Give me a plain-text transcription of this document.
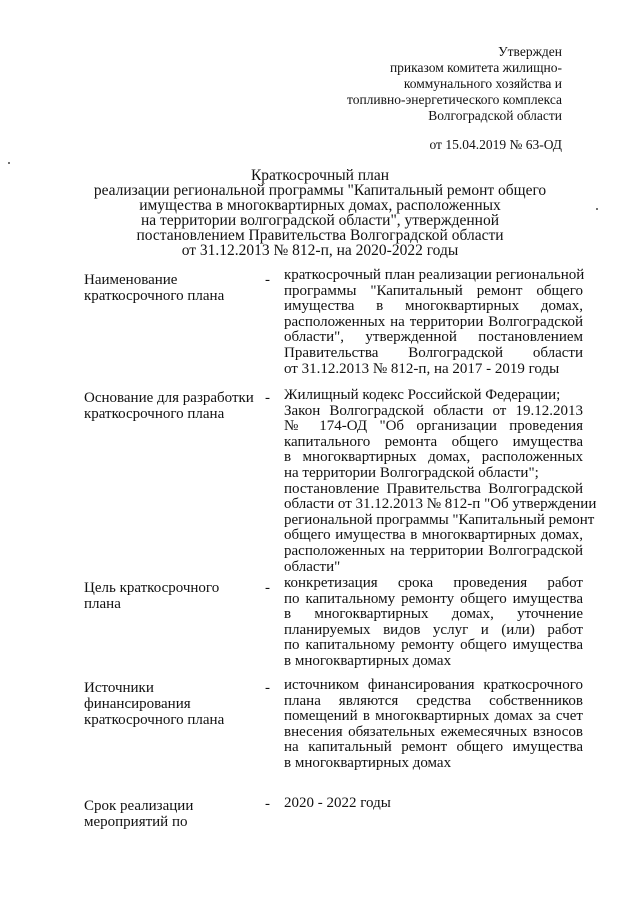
Утвержден
приказом комитета жилищно-
коммунального хозяйства и
топливно-энергетического комплекса
Волгоградской области
от 15.04.2019 № 63-ОД
Краткосрочный план
реализации региональной программы "Капитальный ремонт общего
имущества в многоквартирных домах, расположенных
на территории волгоградской области", утвержденной
постановлением Правительства Волгоградской области
от 31.12.2013 № 812-п, на 2020-2022 годы
Наименование
краткосрочного плана
- краткосрочный план реализации региональной
программы "Капитальный ремонт общего
имущества в многоквартирных домах,
расположенных на территории Волгоградской
области", утвержденной постановлением
Правительства Волгоградской области
от 31.12.2013 № 812-п, на 2017 - 2019 годы
Основание для разработки
краткосрочного плана
- Жилищный кодекс Российской Федерации;
Закон Волгоградской области от 19.12.2013
№ 174-ОД "Об организации проведения
капитального ремонта общего имущества
в многоквартирных домах, расположенных
на территории Волгоградской области";
постановление Правительства Волгоградской
области от 31.12.2013 № 812-п "Об утверждении
региональной программы "Капитальный ремонт
общего имущества в многоквартирных домах,
расположенных на территории Волгоградской
области"
Цель краткосрочного
плана
- конкретизация срока проведения работ
по капитальному ремонту общего имущества
в многоквартирных домах, уточнение
планируемых видов услуг и (или) работ
по капитальному ремонту общего имущества
в многоквартирных домах
Источники
финансирования
краткосрочного плана
- источником финансирования краткосрочного
плана являются средства собственников
помещений в многоквартирных домах за счет
внесения обязательных ежемесячных взносов
на капитальный ремонт общего имущества
в многоквартирных домах
Срок реализации
мероприятий по
- 2020 - 2022 годы
